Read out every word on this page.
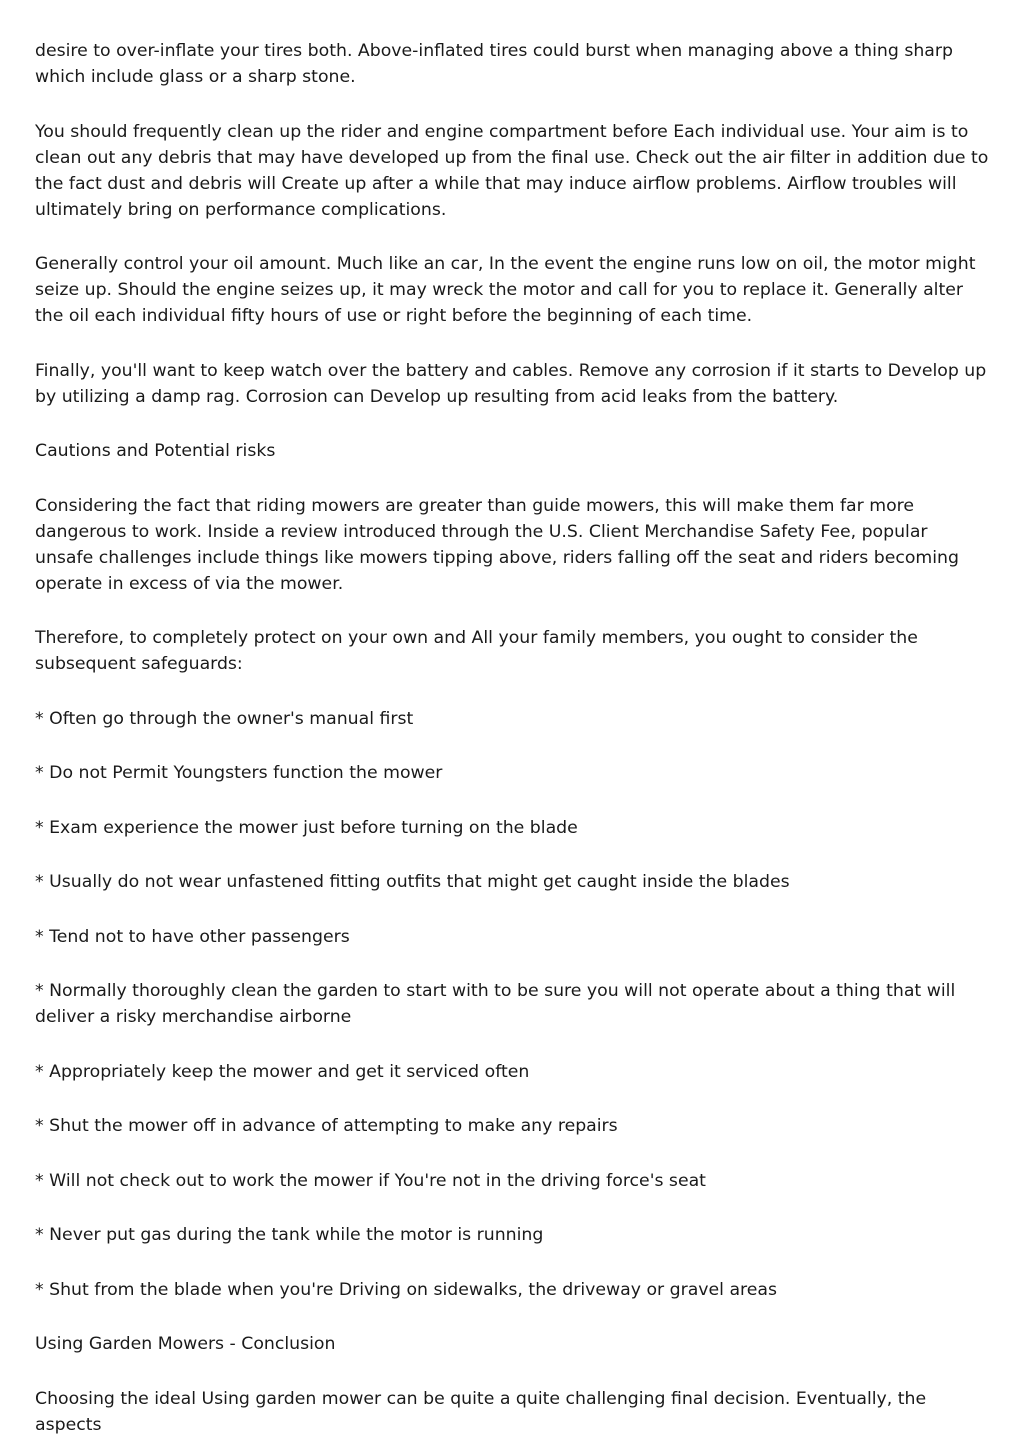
desire to over-inflate your tires both. Above-inflated tires could burst when managing above a thing sharp which include glass or a sharp stone.

You should frequently clean up the rider and engine compartment before Each individual use. Your aim is to clean out any debris that may have developed up from the final use. Check out the air filter in addition due to the fact dust and debris will Create up after a while that may induce airflow problems. Airflow troubles will ultimately bring on performance complications.

Generally control your oil amount. Much like an car, In the event the engine runs low on oil, the motor might seize up. Should the engine seizes up, it may wreck the motor and call for you to replace it. Generally alter the oil each individual fifty hours of use or right before the beginning of each time.

Finally, you'll want to keep watch over the battery and cables. Remove any corrosion if it starts to Develop up by utilizing a damp rag. Corrosion can Develop up resulting from acid leaks from the battery.

Cautions and Potential risks

Considering the fact that riding mowers are greater than guide mowers, this will make them far more dangerous to work. Inside a review introduced through the U.S. Client Merchandise Safety Fee, popular unsafe challenges include things like mowers tipping above, riders falling off the seat and riders becoming operate in excess of via the mower.

Therefore, to completely protect on your own and All your family members, you ought to consider the subsequent safeguards:

* Often go through the owner's manual first

* Do not Permit Youngsters function the mower

* Exam experience the mower just before turning on the blade

* Usually do not wear unfastened fitting outfits that might get caught inside the blades

* Tend not to have other passengers

* Normally thoroughly clean the garden to start with to be sure you will not operate about a thing that will deliver a risky merchandise airborne

* Appropriately keep the mower and get it serviced often

* Shut the mower off in advance of attempting to make any repairs

* Will not check out to work the mower if You're not in the driving force's seat

* Never put gas during the tank while the motor is running

* Shut from the blade when you're Driving on sidewalks, the driveway or gravel areas

Using Garden Mowers - Conclusion

Choosing the ideal Using garden mower can be quite a quite challenging final decision. Eventually, the aspects
